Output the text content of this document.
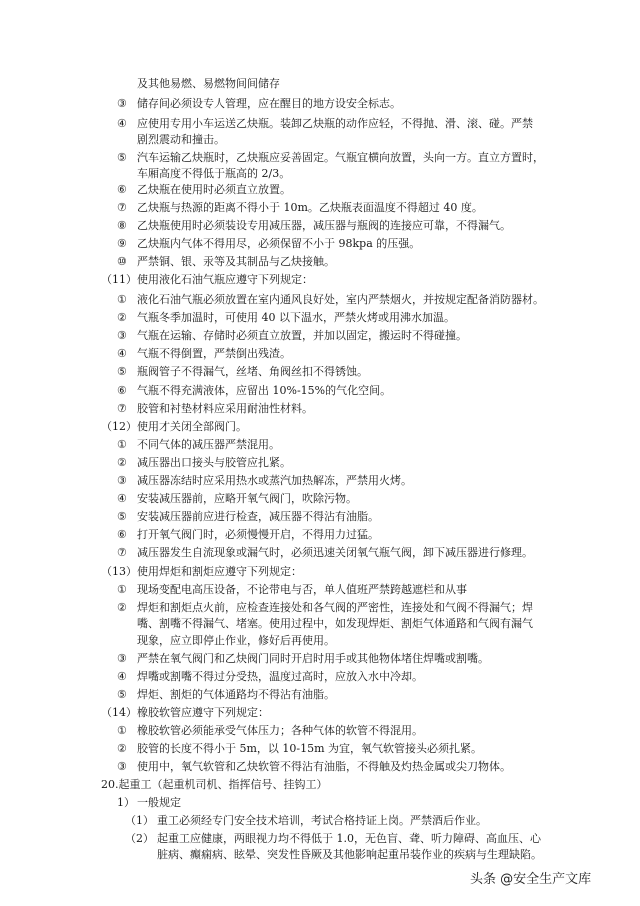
及其他易燃、易燃物间间储存
③ 储存间必须设专人管理，应在醒目的地方设安全标志。
④ 应使用专用小车运送乙炔瓶。装卸乙炔瓶的动作应轻，不得抛、滑、滚、碰。严禁
剧烈震动和撞击。
⑤ 汽车运输乙炔瓶时，乙炔瓶应妥善固定。气瓶宜横向放置，头向一方。直立方置时，
车厢高度不得低于瓶高的 2/3。
⑥ 乙炔瓶在使用时必须直立放置。
⑦ 乙炔瓶与热源的距离不得小于 10m。乙炔瓶表面温度不得超过 40 度。
⑧ 乙炔瓶使用时必须装设专用减压器，减压器与瓶阀的连接应可靠，不得漏气。
⑨ 乙炔瓶内气体不得用尽，必须保留不小于 98kpa 的压强。
⑩ 严禁铜、银、汞等及其制品与乙炔接触。
（11） 使用液化石油气瓶应遵守下列规定：
① 液化石油气瓶必须放置在室内通风良好处，室内严禁烟火，并按规定配备消防器材。
② 气瓶冬季加温时，可使用 40 以下温水，严禁火烤或用沸水加温。
③ 气瓶在运输、存储时必须直立放置，并加以固定，搬运时不得碰撞。
④ 气瓶不得倒置，严禁倒出残渣。
⑤ 瓶阀管子不得漏气，丝堵、角阀丝扣不得锈蚀。
⑥ 气瓶不得充满液体，应留出 10%-15%的气化空间。
⑦ 胶管和衬垫材料应采用耐油性材料。
（12） 使用才关闭全部阀门。
① 不同气体的减压器严禁混用。
② 减压器出口接头与胶管应扎紧。
③ 减压器冻结时应采用热水或蒸汽加热解冻，严禁用火烤。
④ 安装减压器前，应略开氧气阀门，吹除污物。
⑤ 安装减压器前应进行检查，减压器不得沾有油脂。
⑥ 打开氧气阀门时，必须慢慢开启，不得用力过猛。
⑦ 减压器发生自流现象或漏气时，必须迅速关闭氧气瓶气阀，卸下减压器进行修理。
（13） 使用焊炬和割炬应遵守下列规定：
① 现场变配电高压设备，不论带电与否，单人值班严禁跨越遮栏和从事
② 焊炬和割炬点火前，应检查连接处和各气阀的严密性，连接处和气阀不得漏气；焊
嘴、割嘴不得漏气、堵塞。使用过程中，如发现焊炬、割炬气体通路和气阀有漏气
现象，应立即停止作业，修好后再使用。
③ 严禁在氧气阀门和乙炔阀门同时开启时用手或其他物体堵住焊嘴或割嘴。
④ 焊嘴或割嘴不得过分受热，温度过高时，应放入水中冷却。
⑤ 焊炬、割炬的气体通路均不得沾有油脂。
（14） 橡胶软管应遵守下列规定：
① 橡胶软管必须能承受气体压力；各种气体的软管不得混用。
② 胶管的长度不得小于 5m，以 10-15m 为宜，氧气软管接头必须扎紧。
③ 使用中，氧气软管和乙炔软管不得沾有油脂，不得触及灼热金属或尖刀物体。
20.起重工（起重机司机、指挥信号、挂钩工）
1） 一般规定
（1） 重工必须经专门安全技术培训，考试合格持证上岗。严禁酒后作业。
（2） 起重工应健康，两眼视力均不得低于 1.0，无色盲、聋、听力障碍、高血压、心
脏病、癫痫病、眩晕、突发性昏厥及其他影响起重吊装作业的疾病与生理缺陷。
头条 @安全生产文库
